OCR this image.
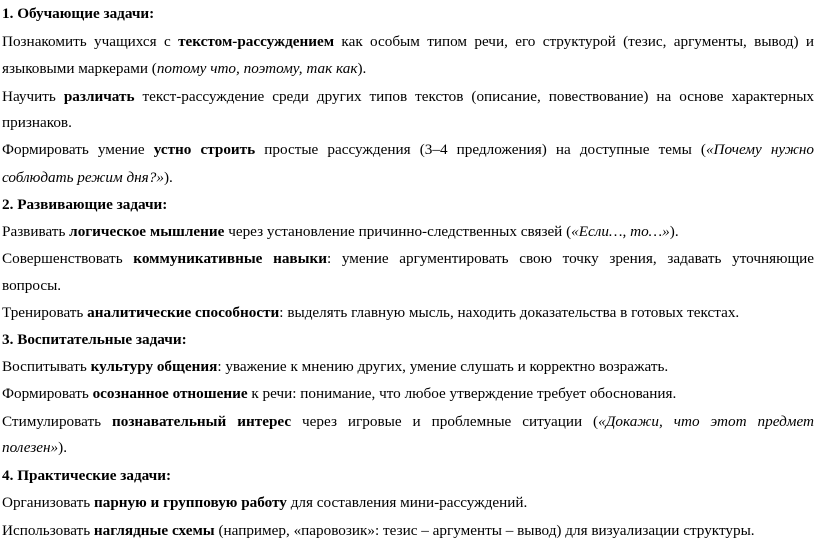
1. Обучающие задачи:
Познакомить учащихся с текстом-рассуждением как особым типом речи, его структурой (тезис, аргументы, вывод) и
языковыми маркерами (потому что, поэтому, так как).
Научить различать текст-рассуждение среди других типов текстов (описание, повествование) на основе характерных
признаков.
Формировать умение устно строить простые рассуждения (3–4 предложения) на доступные темы («Почему нужно
соблюдать режим дня?»).
2. Развивающие задачи:
Развивать логическое мышление через установление причинно-следственных связей («Если…, то…»).
Совершенствовать коммуникативные навыки: умение аргументировать свою точку зрения, задавать уточняющие
вопросы.
Тренировать аналитические способности: выделять главную мысль, находить доказательства в готовых текстах.
3. Воспитательные задачи:
Воспитывать культуру общения: уважение к мнению других, умение слушать и корректно возражать.
Формировать осознанное отношение к речи: понимание, что любое утверждение требует обоснования.
Стимулировать познавательный интерес через игровые и проблемные ситуации («Докажи, что этот предмет
полезен»).
4. Практические задачи:
Организовать парную и групповую работу для составления мини-рассуждений.
Использовать наглядные схемы (например, «паровозик»: тезис – аргументы – вывод) для визуализации структуры.
